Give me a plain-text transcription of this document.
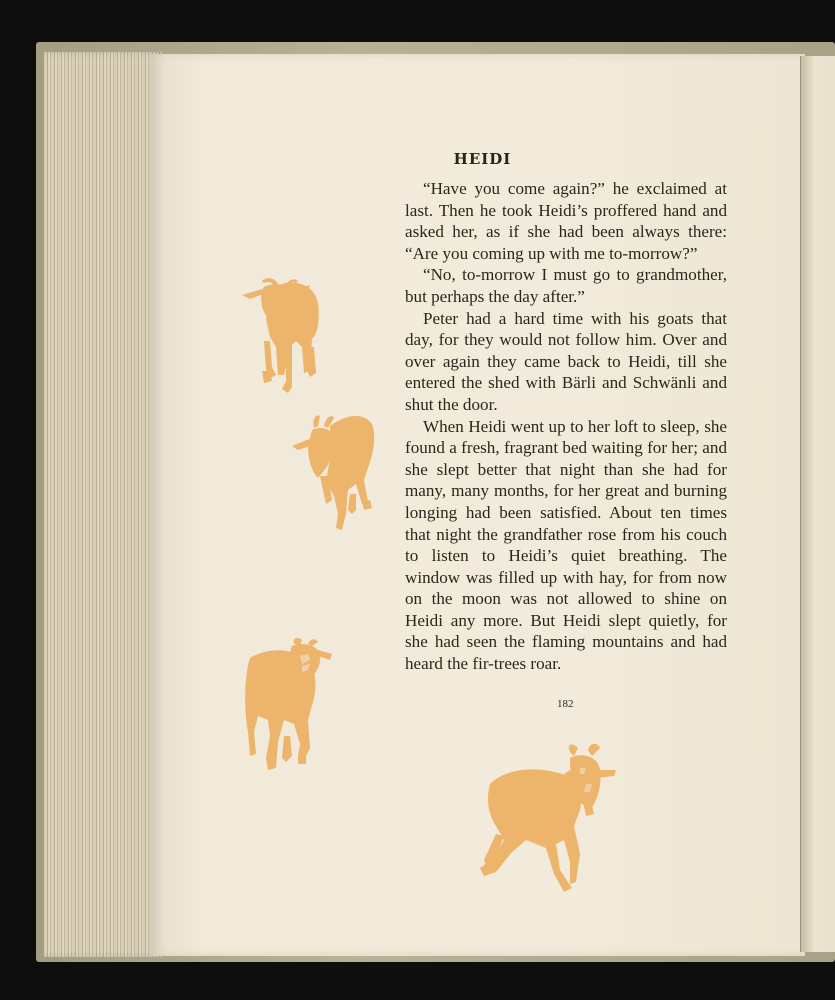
HEIDI

“Have you come again?” he exclaimed at last. Then he took Heidi’s proffered hand and asked her, as if she had been always there: “Are you coming up with me to-morrow?”

“No, to-morrow I must go to grandmother, but perhaps the day after.”

Peter had a hard time with his goats that day, for they would not follow him. Over and over again they came back to Heidi, till she entered the shed with Bärli and Schwänli and shut the door.

When Heidi went up to her loft to sleep, she found a fresh, fragrant bed waiting for her; and she slept better that night than she had for many, many months, for her great and burning longing had been satisfied. About ten times that night the grandfather rose from his couch to listen to Heidi’s quiet breathing. The window was filled up with hay, for from now on the moon was not allowed to shine on Heidi any more. But Heidi slept quietly, for she had seen the flaming mountains and had heard the fir-trees roar.

182
